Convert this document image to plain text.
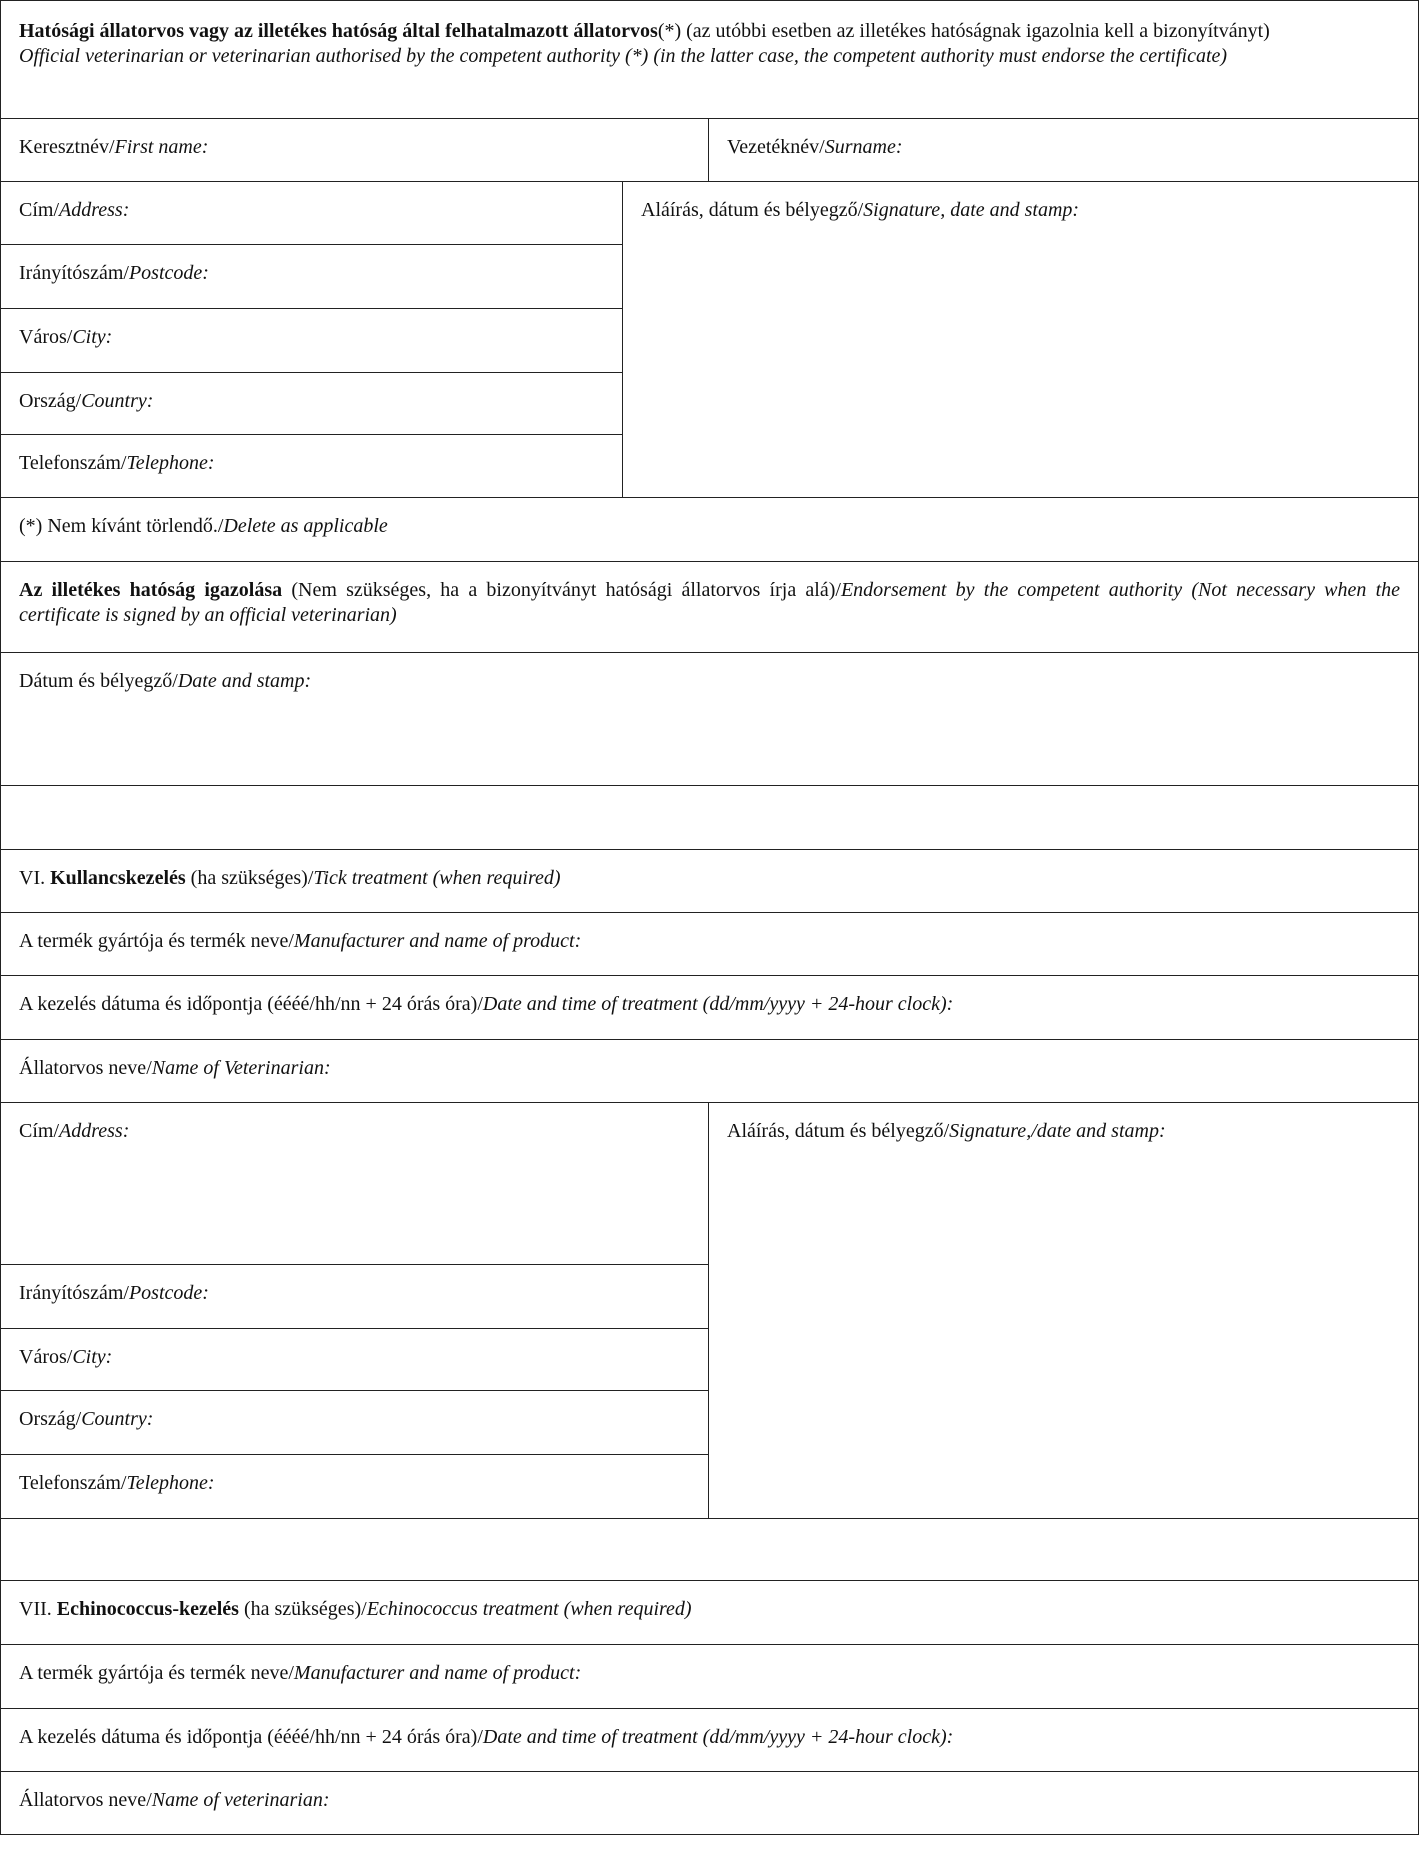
Hatósági állatorvos vagy az illetékes hatóság által felhatalmazott állatorvos(*) (az utóbbi esetben az illetékes hatóságnak igazolnia kell a bizonyítványt)
Official veterinarian or veterinarian authorised by the competent authority (*) (in the latter case, the competent authority must endorse the certificate)
Keresztnév/First name:	Vezetéknév/Surname:
Cím/Address:	Aláírás, dátum és bélyegző/Signature, date and stamp:
Irányítószám/Postcode:
Város/City:
Ország/Country:
Telefonszám/Telephone:
(*) Nem kívánt törlendő./Delete as applicable
Az illetékes hatóság igazolása (Nem szükséges, ha a bizonyítványt hatósági állatorvos írja alá)/Endorsement by the competent authority (Not necessary when the certificate is signed by an official veterinarian)
Dátum és bélyegző/Date and stamp:
VI. Kullancskezelés (ha szükséges)/Tick treatment (when required)
A termék gyártója és termék neve/Manufacturer and name of product:
A kezelés dátuma és időpontja (éééé/hh/nn + 24 órás óra)/Date and time of treatment (dd/mm/yyyy + 24-hour clock):
Állatorvos neve/Name of Veterinarian:
Cím/Address:	Aláírás, dátum és bélyegző/Signature,/date and stamp:
Irányítószám/Postcode:
Város/City:
Ország/Country:
Telefonszám/Telephone:
VII. Echinococcus-kezelés (ha szükséges)/Echinococcus treatment (when required)
A termék gyártója és termék neve/Manufacturer and name of product:
A kezelés dátuma és időpontja (éééé/hh/nn + 24 órás óra)/Date and time of treatment (dd/mm/yyyy + 24-hour clock):
Állatorvos neve/Name of veterinarian:
